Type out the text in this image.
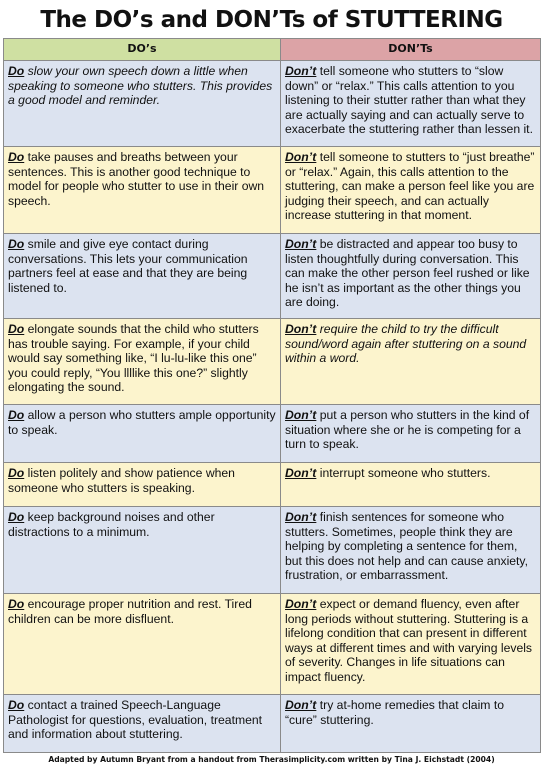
The DO’s and DON’Ts of STUTTERING
DO’s	DON’Ts
Do slow your own speech down a little when speaking to someone who stutters. This provides a good model and reminder.	Don’t tell someone who stutters to “slow down” or “relax.” This calls attention to you listening to their stutter rather than what they are actually saying and can actually serve to exacerbate the stuttering rather than lessen it.
Do take pauses and breaths between your sentences. This is another good technique to model for people who stutter to use in their own speech.	Don’t tell someone to stutters to “just breathe” or “relax.” Again, this calls attention to the stuttering, can make a person feel like you are judging their speech, and can actually increase stuttering in that moment.
Do smile and give eye contact during conversations. This lets your communication partners feel at ease and that they are being listened to.	Don’t be distracted and appear too busy to listen thoughtfully during conversation. This can make the other person feel rushed or like he isn’t as important as the other things you are doing.
Do elongate sounds that the child who stutters has trouble saying. For example, if your child would say something like, “I lu-lu-like this one” you could reply, “You llllike this one?” slightly elongating the sound.	Don’t require the child to try the difficult sound/word again after stuttering on a sound within a word.
Do allow a person who stutters ample opportunity to speak.	Don’t put a person who stutters in the kind of situation where she or he is competing for a turn to speak.
Do listen politely and show patience when someone who stutters is speaking.	Don’t interrupt someone who stutters.
Do keep background noises and other distractions to a minimum.	Don’t finish sentences for someone who stutters. Sometimes, people think they are helping by completing a sentence for them, but this does not help and can cause anxiety, frustration, or embarrassment.
Do encourage proper nutrition and rest. Tired children can be more disfluent.	Don’t expect or demand fluency, even after long periods without stuttering. Stuttering is a lifelong condition that can present in different ways at different times and with varying levels of severity. Changes in life situations can impact fluency.
Do contact a trained Speech-Language Pathologist for questions, evaluation, treatment and information about stuttering.	Don’t try at-home remedies that claim to “cure” stuttering.
Adapted by Autumn Bryant from a handout from Therasimplicity.com written by Tina J. Eichstadt (2004)
